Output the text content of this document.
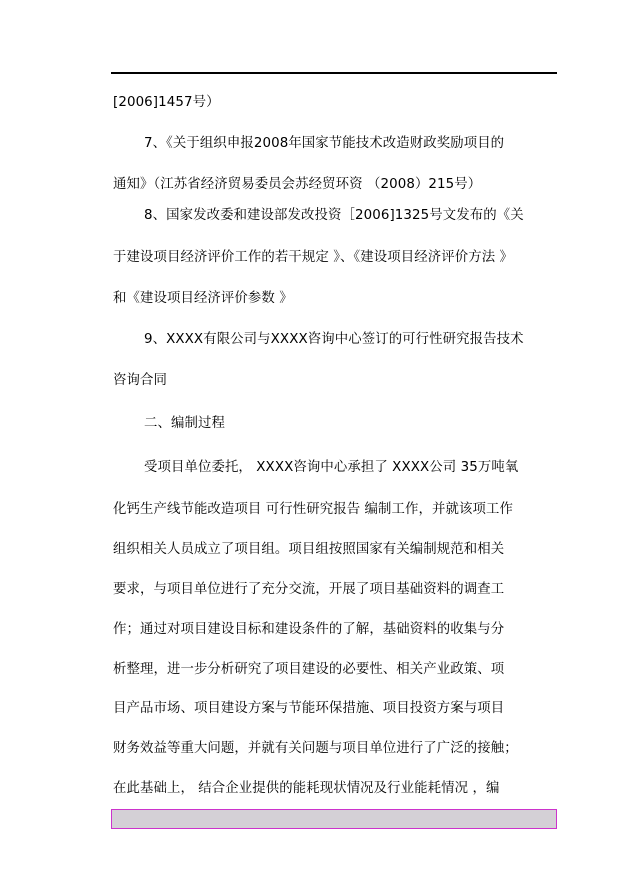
[2006]1457号）
7、《关于组织申报2008年国家节能技术改造财政奖励项目的
通知》（江苏省经济贸易委员会苏经贸环资 （2008）215号）
8、国家发改委和建设部发改投资［2006]1325号文发布的《关
于建设项目经济评价工作的若干规定 》、《建设项目经济评价方法 》
和《建设项目经济评价参数 》
9、XXXX有限公司与XXXX咨询中心签订的可行性研究报告技术
咨询合同
二、编制过程
受项目单位委托， XXXX咨询中心承担了 XXXX公司 35万吨氧
化钙生产线节能改造项目 可行性研究报告 编制工作，并就该项工作
组织相关人员成立了项目组。项目组按照国家有关编制规范和相关
要求，与项目单位进行了充分交流，开展了项目基础资料的调查工
作；通过对项目建设目标和建设条件的了解，基础资料的收集与分
析整理，进一步分析研究了项目建设的必要性、相关产业政策、项
目产品市场、项目建设方案与节能环保措施、项目投资方案与项目
财务效益等重大问题，并就有关问题与项目单位进行了广泛的接触；
在此基础上， 结合企业提供的能耗现状情况及行业能耗情况 ，编
